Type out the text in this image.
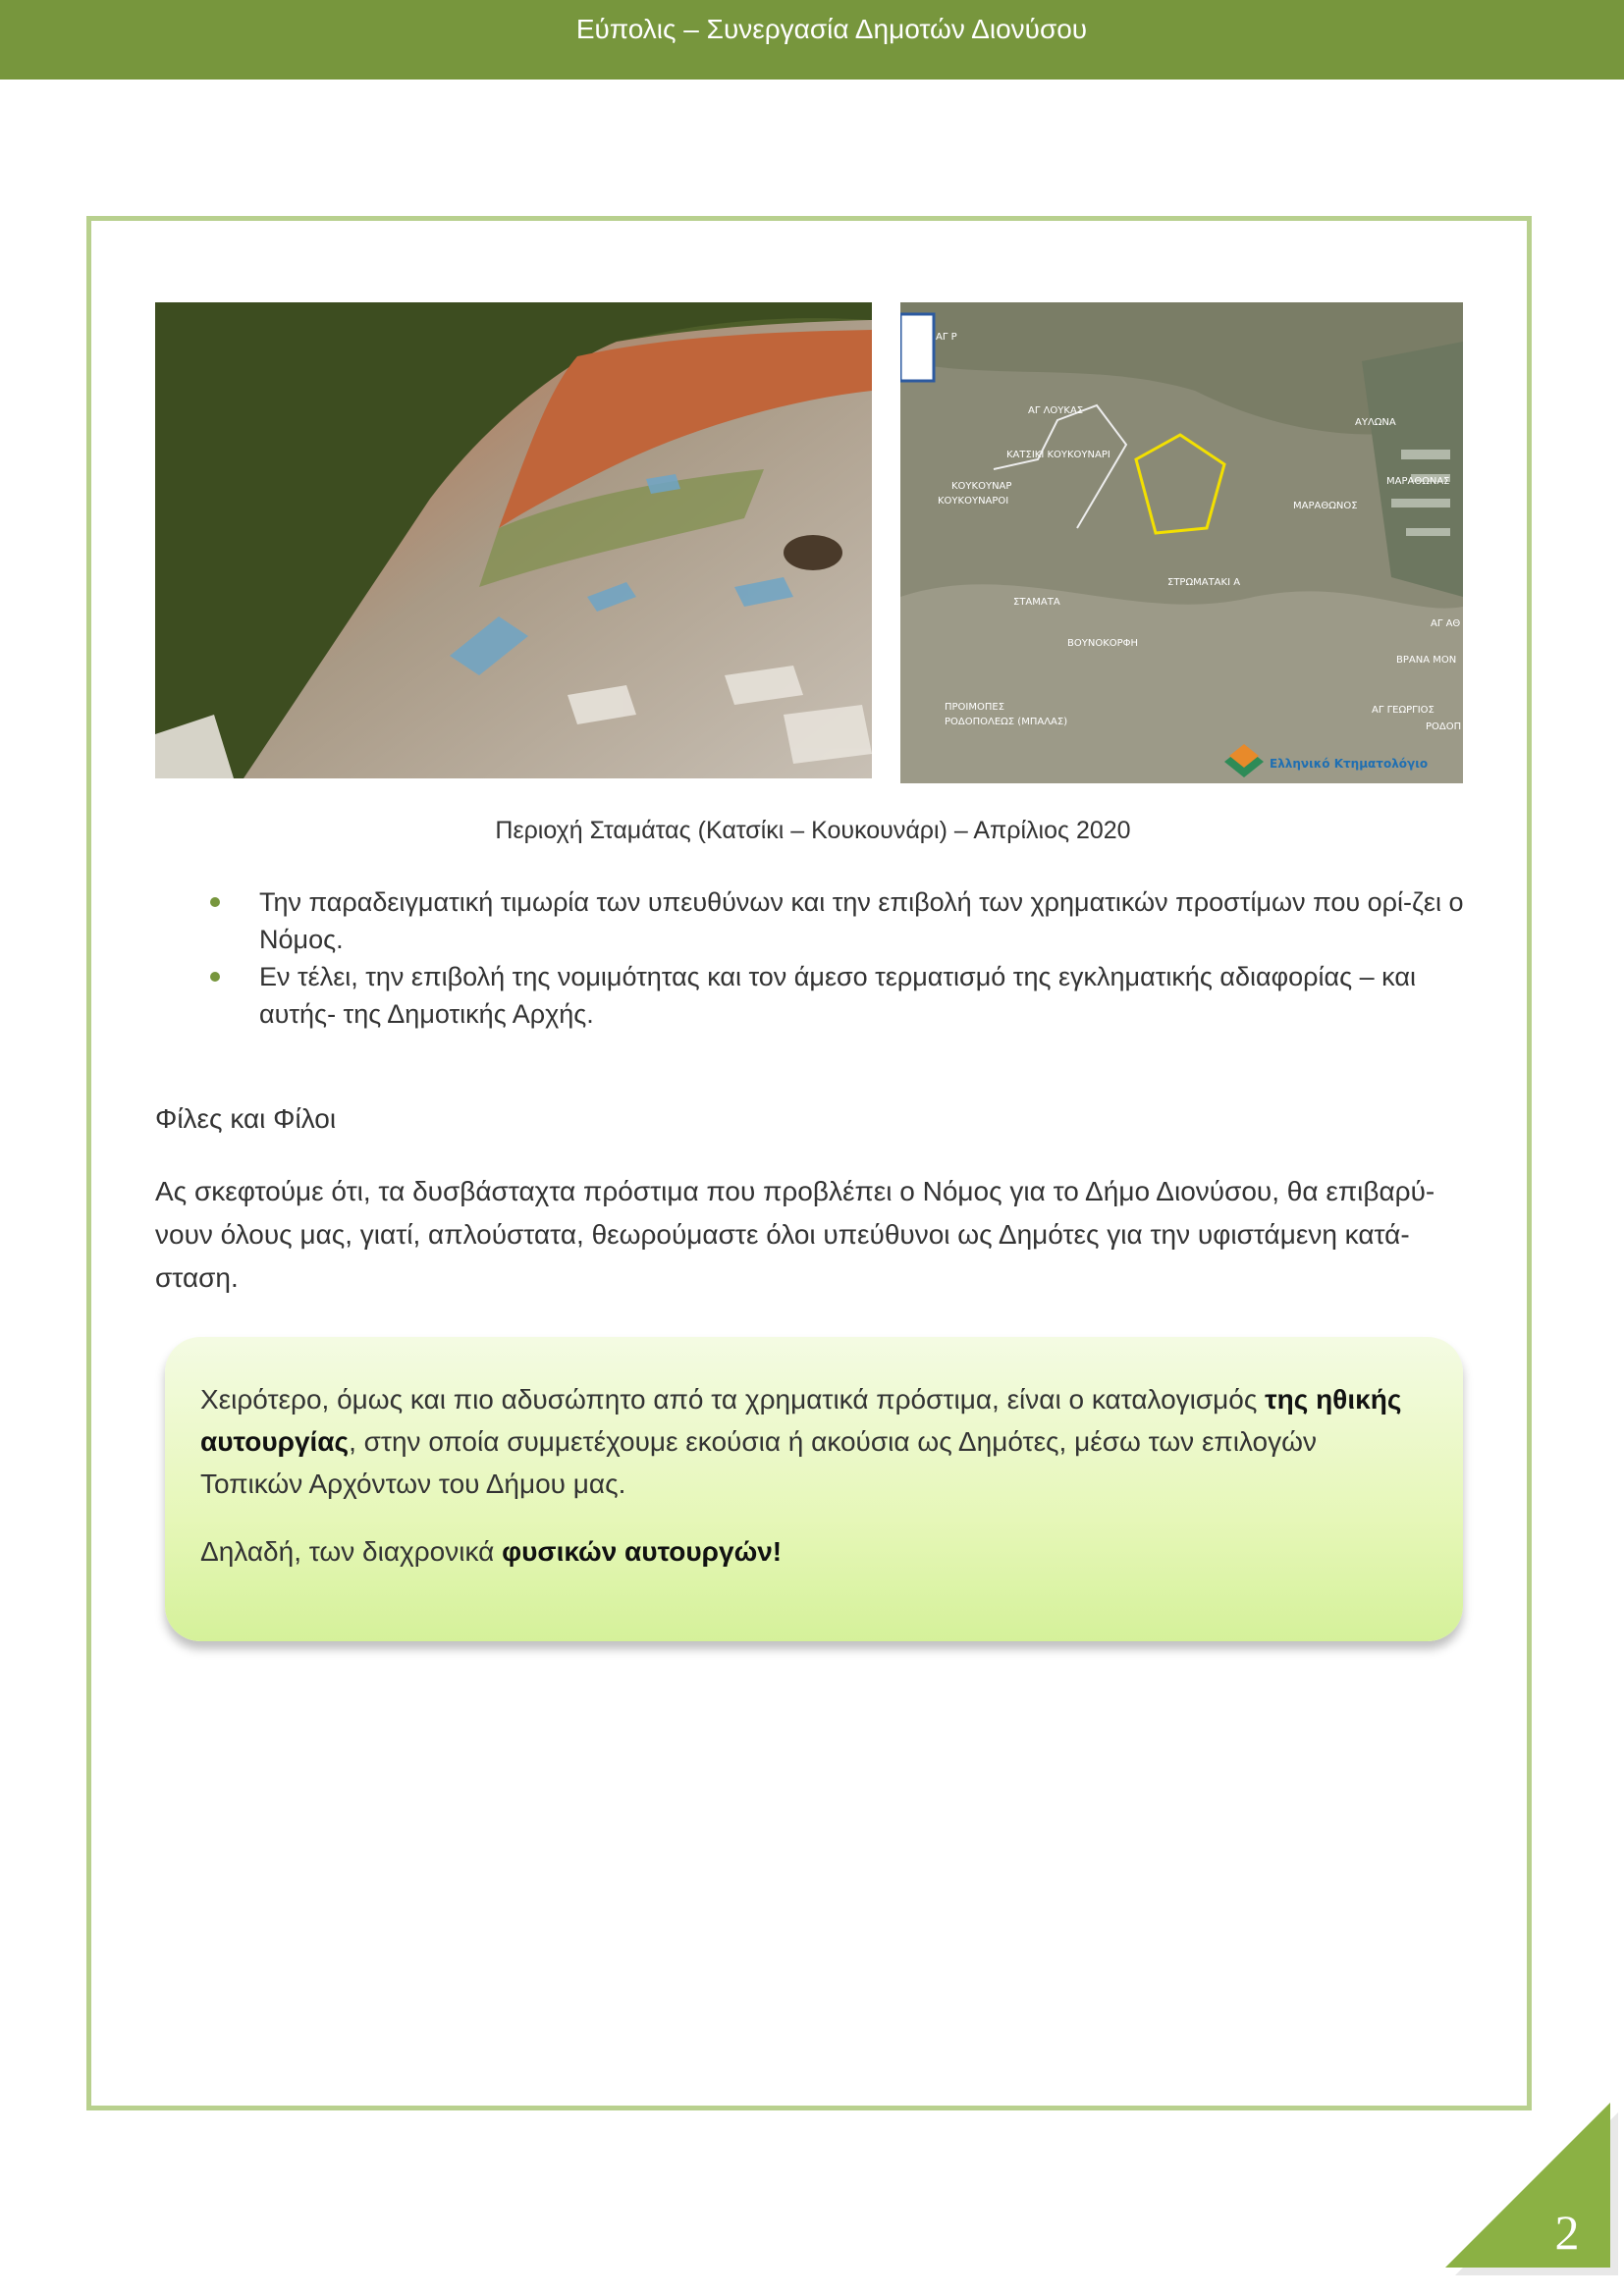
Εύπολις – Συνεργασία Δημοτών Διονύσου
ΑΓ Ρ
ΑΓ ΛΟΥΚΑΣ
ΚΑΤΣΙΚΙ ΚΟΥΚΟΥΝΑΡΙ
ΚΟΥΚΟΥΝΑΡ
ΚΟΥΚΟΥΝΑΡΟΙ
ΑΥΛΩΝΑ
ΜΑΡΑΘΩΝΑΣ
ΜΑΡΑΘΩΝΟΣ
ΣΤΡΩΜΑΤΑΚΙ Α
ΣΤΑΜΑΤΑ
ΒΟΥΝΟΚΟΡΦΗ
ΒΡΑΝΑ ΜΟΝ
ΠΡΟΙΜΟΠΕΣ
ΡΟΔΟΠΟΛΕΩΣ (ΜΠΑΛΑΣ)
ΑΓ ΓΕΩΡΓΙΟΣ
ΡΟΔΟΠ
ΑΓ ΑΘ
Ελληνικό Κτηματολόγιο
Περιοχή Σταμάτας (Κατσίκι – Κουκουνάρι) – Απρίλιος 2020
Την παραδειγματική τιμωρία των υπευθύνων και την επιβολή των χρηματικών προστίμων που ορί-ζει ο Νόμος.
Εν τέλει, την επιβολή της νομιμότητας και τον άμεσο τερματισμό της εγκληματικής αδιαφορίας – και αυτής- της Δημοτικής Αρχής.
Φίλες και Φίλοι
Ας σκεφτούμε ότι, τα δυσβάσταχτα πρόστιμα που προβλέπει ο Νόμος για το Δήμο Διονύσου, θα επιβαρύ-νουν όλους μας, γιατί, απλούστατα, θεωρούμαστε όλοι υπεύθυνοι ως Δημότες για την υφιστάμενη κατά-σταση.

Χειρότερο, όμως και πιο αδυσώπητο από τα χρηματικά πρόστιμα, είναι ο καταλογισμός της ηθικής αυτουργίας, στην οποία συμμετέχουμε εκούσια ή ακούσια ως Δημότες, μέσω των επιλογών Τοπικών Αρχόντων του Δήμου μας.

Δηλαδή, των διαχρονικά φυσικών αυτουργών!

2
